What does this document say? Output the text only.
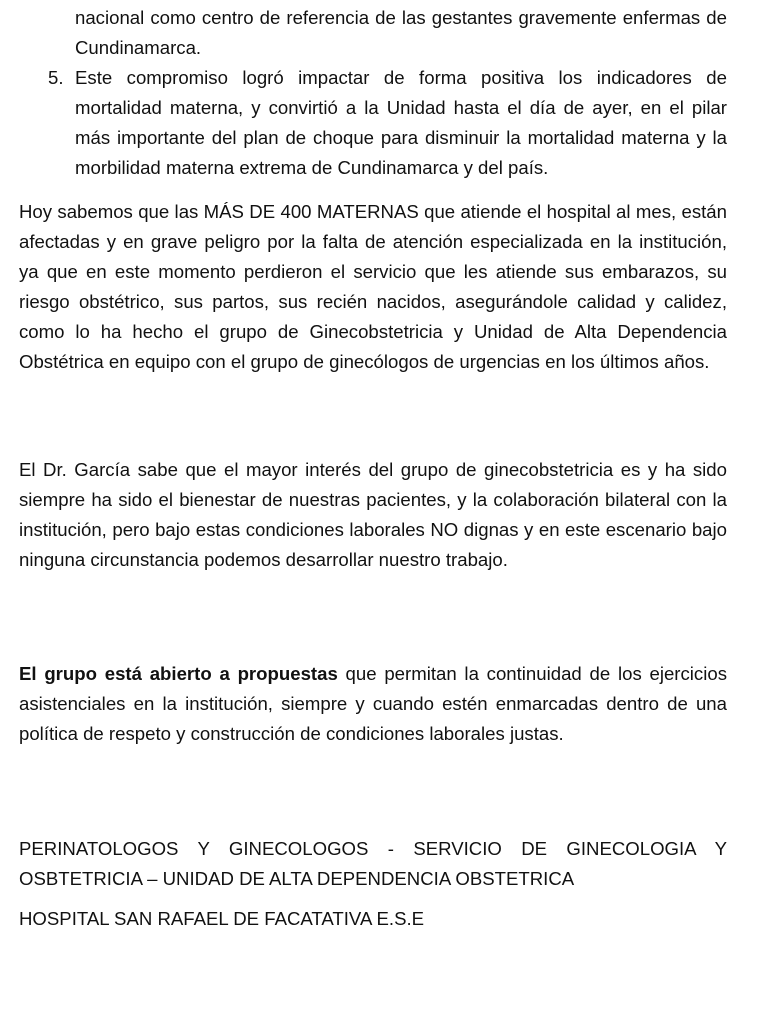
nacional como centro de referencia de las gestantes gravemente enfermas de Cundinamarca.

5. Este compromiso logró impactar de forma positiva los indicadores de mortalidad materna, y convirtió a la Unidad hasta el día de ayer, en el pilar más importante del plan de choque para disminuir la mortalidad materna y la morbilidad materna extrema de Cundinamarca y del país.

Hoy sabemos que las MÁS DE 400 MATERNAS que atiende el hospital al mes, están afectadas y en grave peligro por la falta de atención especializada en la institución, ya que en este momento perdieron el servicio que les atiende sus embarazos, su riesgo obstétrico, sus partos, sus recién nacidos, asegurándole calidad y calidez, como lo ha hecho el grupo de Ginecobstetricia y Unidad de Alta Dependencia Obstétrica en equipo con el grupo de ginecólogos de urgencias en los últimos años.

El Dr. García sabe que el mayor interés del grupo de ginecobstetricia es y ha sido siempre ha sido el bienestar de nuestras pacientes, y la colaboración bilateral con la institución, pero bajo estas condiciones laborales NO dignas y en este escenario bajo ninguna circunstancia podemos desarrollar nuestro trabajo.

El grupo está abierto a propuestas que permitan la continuidad de los ejercicios asistenciales en la institución, siempre y cuando estén enmarcadas dentro de una política de respeto y construcción de condiciones laborales justas.

PERINATOLOGOS Y GINECOLOGOS - SERVICIO DE GINECOLOGIA Y OSBTETRICIA – UNIDAD DE ALTA DEPENDENCIA OBSTETRICA

HOSPITAL SAN RAFAEL DE FACATATIVA E.S.E
